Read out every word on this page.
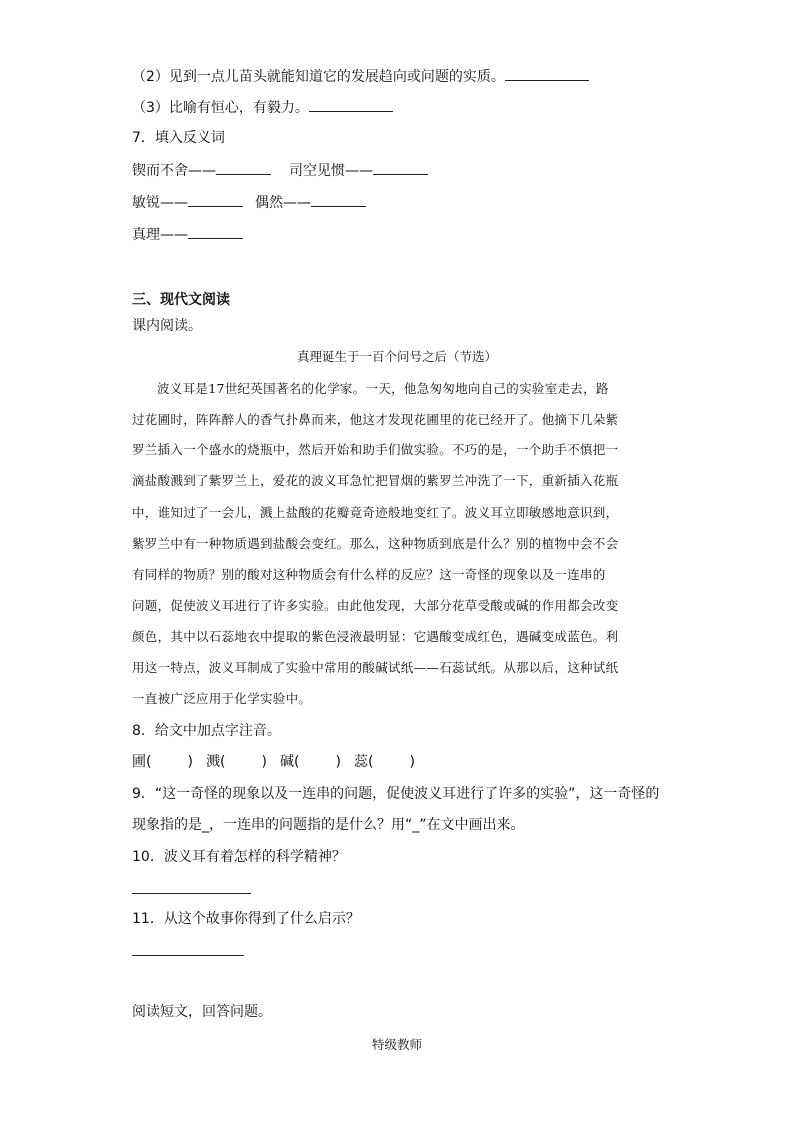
（2）见到一点儿苗头就能知道它的发展趋向或问题的实质。
（3）比喻有恒心，有毅力。
7．填入反义词
锲而不舍——	司空见惯——
敏锐——	偶然——
真理——
三、现代文阅读
课内阅读。
真理诞生于一百个问号之后（节选）
波义耳是17世纪英国著名的化学家。一天，他急匆匆地向自己的实验室走去，路
过花圃时，阵阵醉人的香气扑鼻而来，他这才发现花圃里的花已经开了。他摘下几朵紫
罗兰插入一个盛水的烧瓶中，然后开始和助手们做实验。不巧的是，一个助手不慎把一
滴盐酸溅到了紫罗兰上，爱花的波义耳急忙把冒烟的紫罗兰冲洗了一下，重新插入花瓶
中，谁知过了一会儿，溅上盐酸的花瓣竟奇迹般地变红了。波义耳立即敏感地意识到，
紫罗兰中有一种物质遇到盐酸会变红。那么，这种物质到底是什么？别的植物中会不会
有同样的物质？别的酸对这种物质会有什么样的反应？这一奇怪的现象以及一连串的
问题，促使波义耳进行了许多实验。由此他发现，大部分花草受酸或碱的作用都会改变
颜色，其中以石蕊地衣中提取的紫色浸液最明显：它遇酸变成红色，遇碱变成蓝色。利
用这一特点，波义耳制成了实验中常用的酸碱试纸——石蕊试纸。从那以后，这种试纸
一直被广泛应用于化学实验中。
8．给文中加点字注音。
圃(	) 溅(	) 碱(	) 蕊(	)
9．“这一奇怪的现象以及一连串的问题，促使波义耳进行了许多的实验”，这一奇怪的
现象指的是_，一连串的问题指的是什么？用“_”在文中画出来。
10．波义耳有着怎样的科学精神？
11．从这个故事你得到了什么启示？
阅读短文，回答问题。
特级教师
